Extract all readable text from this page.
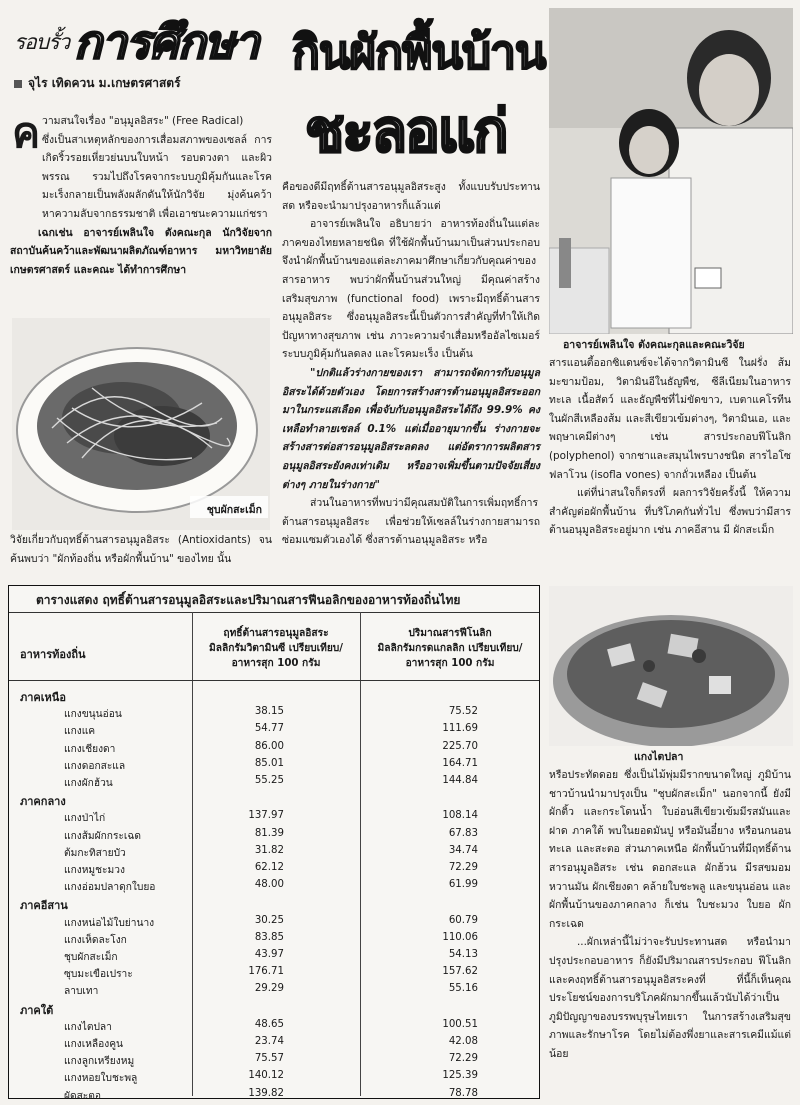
รอบรั้ว การศึกษา กินผักพื้นบ้าน
ชะลอแก่
จุไร เทิดควน ม.เกษตรศาสตร์
ค วามสนใจเรื่อง "อนุมูลอิสระ" (Free Radical)

ซึ่งเป็นสาเหตุหลักของการเสื่อมสภาพของเซลล์ การเกิดริ้วรอยเหี่ยวย่นบนใบหน้า รอบดวงตา และผิวพรรณ รวมไปถึงโรคจากระบบภูมิคุ้มกันและโรคมะเร็งกลายเป็นพลังผลักดันให้นักวิจัย มุ่งค้นคว้าหาความลับจากธรรมชาติ เพื่อเอาชนะความแก่ชรา

เฉกเช่น อาจารย์เพลินใจ ตังคณะกุล นักวิจัยจากสถาบันค้นคว้าและพัฒนาผลิตภัณฑ์อาหาร มหาวิทยาลัยเกษตรศาสตร์ และคณะ ได้ทำการศึกษา

ชุบผักสะเม็ก

วิจัยเกี่ยวกับฤทธิ์ต้านสารอนุมูลอิสระ (Antioxidants) จนค้นพบว่า "ผักท้องถิ่น หรือผักพื้นบ้าน" ของไทย นั้น

คือของดีมีฤทธิ์ต้านสารอนุมูลอิสระสูง ทั้งแบบรับประทานสด หรือจะนำมาปรุงอาหารก็แล้วแต่

อาจารย์เพลินใจ อธิบายว่า อาหารท้องถิ่นในแต่ละภาคของไทยหลายชนิด ที่ใช้ผักพื้นบ้านมาเป็นส่วนประกอบจึงนำผักพื้นบ้านของแต่ละภาคมาศึกษาเกี่ยวกับคุณค่าของสารอาหาร พบว่าผักพื้นบ้านส่วนใหญ่ มีคุณค่าสร้างเสริมสุขภาพ (functional food) เพราะมีฤทธิ์ต้านสารอนุมูลอิสระ ซึ่งอนุมูลอิสระนี้เป็นตัวการสำคัญที่ทำให้เกิดปัญหาทางสุขภาพ เช่น ภาวะความจำเสื่อมหรืออัลไซเมอร์ ระบบภูมิคุ้มกันลดลง และโรคมะเร็ง เป็นต้น

"ปกติแล้วร่างกายของเรา สามารถจัดการกับอนุมูลอิสระได้ด้วยตัวเอง โดยการสร้างสารต้านอนุมูลอิสระออกมาในกระแสเลือด เพื่อจับกับอนุมูลอิสระได้ถึง 99.9% คงเหลือทำลายเซลล์ 0.1% แต่เมื่ออายุมากขึ้น ร่างกายจะสร้างสารต่อสารอนุมูลอิสระลดลง แต่อัตราการผลิตสารอนุมูลอิสระยังคงเท่าเดิม หรืออาจเพิ่มขึ้นตามปัจจัยเสี่ยงต่างๆ ภายในร่างกาย"

ส่วนในอาหารที่พบว่ามีคุณสมบัติในการเพิ่มฤทธิ์การต้านสารอนุมูลอิสระ เพื่อช่วยให้เซลล์ในร่างกายสามารถซ่อมแซมตัวเองได้ ซึ่งสารต้านอนุมูลอิสระ หรือ

อาจารย์เพลินใจ ตังคณะกุลและคณะวิจัย

สารแอนตี้ออกซิแดนซ์จะได้จากวิตามินซี ในฝรั่ง ส้ม มะขามป้อม, วิตามินอีในธัญพืช, ซีลีเนียมในอาหารทะเล เนื้อสัตว์ และธัญพืชที่ไม่ขัดขาว, เบตาแคโรทีนในผักสีเหลืองส้ม และสีเขียวเข้มต่างๆ, วิตามินเอ, และพฤษาเคมีต่างๆ เช่น สารประกอบฟีโนลิก (polyphenol) จากชาและสมุนไพรบางชนิด สารไอโซฟลาโวน (isofla vones) จากถั่วเหลือง เป็นต้น

แต่ที่น่าสนใจก็ตรงที่ ผลการวิจัยครั้งนี้ ให้ความสำคัญต่อผักพื้นบ้าน ที่บริโภคกันทั่วไป ซึ่งพบว่ามีสารต้านอนุมูลอิสระอยู่มาก เช่น ภาคอีสาน มี ผักสะเม็ก

แกงไตปลา

หรือประทัดดอย ซึ่งเป็นไม้พุ่มมีรากขนาดใหญ่ ภูมิบ้านชาวบ้านนำมาปรุงเป็น "ชุบผักสะเม็ก" นอกจากนี้ ยังมี ผักติ้ว และกระโดนน้ำ ใบอ่อนสีเขียวเข้มมีรสมันและฝาด ภาคใต้ พบในยอดมันปู หรือมันอี๋ยาง หรือนกนอนทะเล และสะตอ ส่วนภาคเหนือ ผักพื้นบ้านที่มีฤทธิ์ต้านสารอนุมูลอิสระ เช่น ดอกสะแล ผักฮ้วน มีรสขมอมหวานมัน ผักเชียงดา คล้ายใบชะพลู และขนุนอ่อน และผักพื้นบ้านของภาคกลาง ก็เช่น ใบชะมวง ใบยอ ผักกระเฉด

...ผักเหล่านี้ไม่ว่าจะรับประทานสด หรือนำมาปรุงประกอบอาหาร ก็ยังมีปริมาณสารประกอบ ฟีโนลิก และคงฤทธิ์ต้านสารอนุมูลอิสระคงที่ ที่นี้ก็เห็นคุณประโยชน์ของการบริโภคผักมากขึ้นแล้วนับได้ว่าเป็นภูมิปัญญาของบรรพบุรุษไทยเรา ในการสร้างเสริมสุขภาพและรักษาโรค โดยไม่ต้องพึ่งยาและสารเคมีแม้แต่น้อย

ตารางแสดง ฤทธิ์ต้านสารอนุมูลอิสระและปริมาณสารฟีนอลิกของอาหารท้องถิ่นไทย
อาหารท้องถิ่น
ฤทธิ์ต้านสารอนุมูลอิสระ
มิลลิกรัมวิตามินซี เปรียบเทียบ/
อาหารสุก 100 กรัม
ปริมาณสารฟีโนลิก
มิลลิกรัมกรดแกลลิก เปรียบเทียบ/
อาหารสุก 100 กรัม
ภาคเหนือ
แกงขนุนอ่อน	38.15	75.52
แกงแค	54.77	111.69
แกงเชียงดา	86.00	225.70
แกงดอกสะแล	85.01	164.71
แกงผักฮ้วน	55.25	144.84
ภาคกลาง
แกงป่าไก่	137.97	108.14
แกงส้มผักกระเฉด	81.39	67.83
ต้มกะทิสายบัว	31.82	34.74
แกงหมูชะมวง	62.12	72.29
แกงอ่อมปลาดุกใบยอ	48.00	61.99
ภาคอีสาน
แกงหน่อไม้ใบย่านาง	30.25	60.79
แกงเห็ดละโงก	83.85	110.06
ชุบผักสะเม็ก	43.97	54.13
ซุบมะเขือเปราะ	176.71	157.62
ลาบเทา	29.29	55.16
ภาคใต้
แกงไตปลา	48.65	100.51
แกงเหลืองคูน	23.74	42.08
แกงลูกเหรียงหมู	75.57	72.29
แกงหอยใบชะพลู	140.12	125.39
ผัดสะตอ	139.82	78.78
